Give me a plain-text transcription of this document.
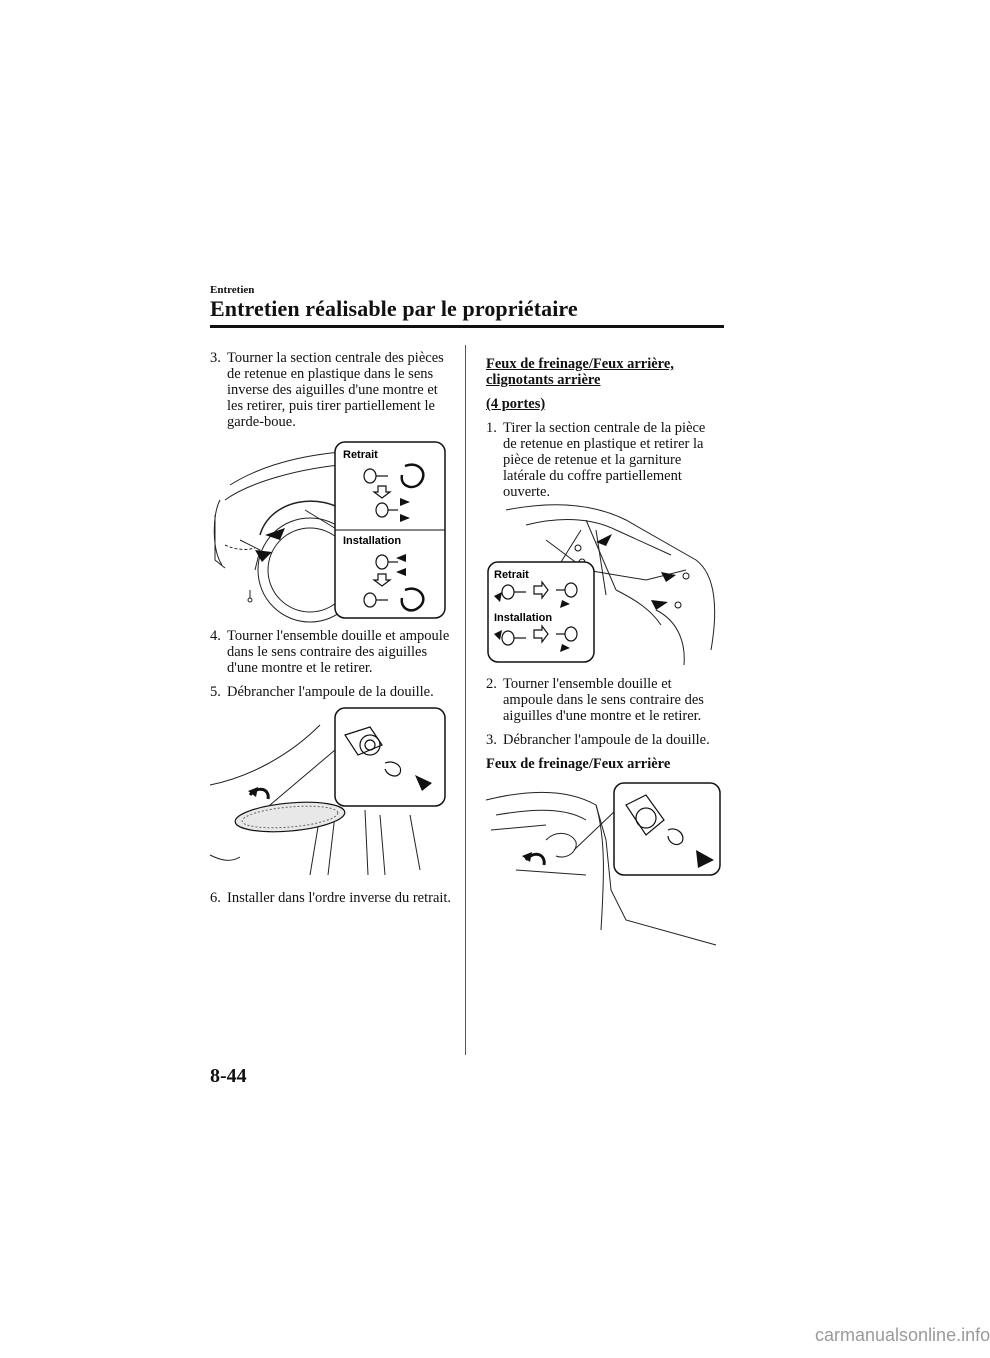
Entretien
Entretien réalisable par le propriétaire
3. Tourner la section centrale des pièces de retenue en plastique dans le sens inverse des aiguilles d'une montre et les retirer, puis tirer partiellement le garde-boue.
Retrait
Installation
4. Tourner l'ensemble douille et ampoule dans le sens contraire des aiguilles d'une montre et le retirer.
5. Débrancher l'ampoule de la douille.
6. Installer dans l'ordre inverse du retrait.
Feux de freinage/Feux arrière, clignotants arrière
(4 portes)
1. Tirer la section centrale de la pièce de retenue en plastique et retirer la pièce de retenue et la garniture latérale du coffre partiellement ouverte.
Retrait
Installation
2. Tourner l'ensemble douille et ampoule dans le sens contraire des aiguilles d'une montre et le retirer.
3. Débrancher l'ampoule de la douille.
Feux de freinage/Feux arrière
8-44
carmanualsonline.info
